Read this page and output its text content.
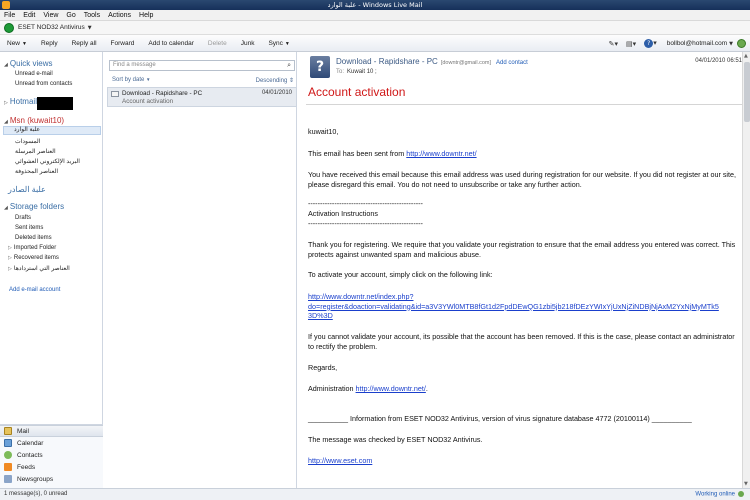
علبة الوارد - Windows Live Mail
File Edit View Go Tools Actions Help
ESET NOD32 Antivirus ▼
New ▼	Reply	Reply all	Forward	Add to calendar	Delete	Junk	Sync ▼	✎▾ ▤▾	? ▾ bollbol@hotmail.com ▼
◢ Quick views
Unread e-mail
Unread from contacts
▷ Hotmail
◢ Msn (kuwait10)
علبة الوارد
المسودات
العناصر المرسلة
البريد الإلكتروني العشوائي
العناصر المحذوفة
علبة الصادر
◢ Storage folders
Drafts
Sent items
Deleted items
▷ Imported Folder
▷ Recovered items
▷ العناصر التي استردادها
Add e-mail account
Mail
Calendar
Contacts
Feeds
Newsgroups
Find a message	⌕
Sort by date ▼	Descending ⇕
Download - Rapidshare - PC
Account activation
04/01/2010
?	Download - Rapidshare - PC [downtr@gmail.com] Add contact
To: Kuwait 10 ;
04/01/2010 06:51
Account activation

kuwait10,

This email has been sent from http://www.downtr.net/

You have received this email because this email address was used during registration for our website. If you did not register at our site, please disregard this email. You do not need to unsubscribe or take any further action.

------------------------------------------------

Activation Instructions

------------------------------------------------

Thank you for registering. We require that you validate your registration to ensure that the email address you entered was correct. This protects against unwanted spam and malicious abuse.

To activate your account, simply click on the following link:

http://www.downtr.net/index.php?
do=register&doaction=validating&id=a3V3YWl0MTB8fGt1d2FpdDEwQG1zbi5jb218fDEzYWIxYjUxNjZiNDBjNjAxM2YxNjMyMTk5
3D%3D

If you cannot validate your account, its possible that the account has been removed. If this is the case, please contact an administrator to rectify the problem.

Regards,

Administration http://www.downtr.net/.

__________ Information from ESET NOD32 Antivirus, version of virus signature database 4772 (20100114) __________

The message was checked by ESET NOD32 Antivirus.

http://www.eset.com

▲
▼
1 message(s), 0 unread	Working online
